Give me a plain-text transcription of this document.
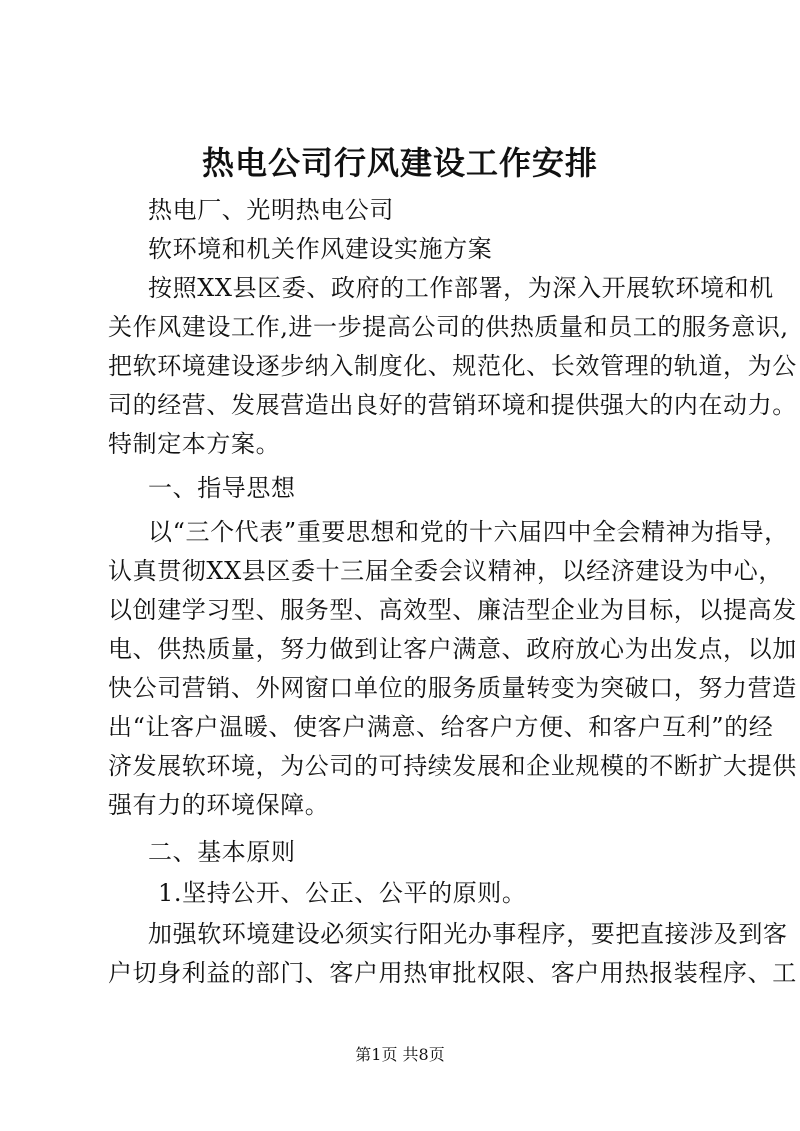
热电公司行风建设工作安排
热电厂、光明热电公司
软环境和机关作风建设实施方案
按照XX县区委、政府的工作部署，为深入开展软环境和机
关作风建设工作,进一步提高公司的供热质量和员工的服务意识,
把软环境建设逐步纳入制度化、规范化、长效管理的轨道，为公
司的经营、发展营造出良好的营销环境和提供强大的内在动力。
特制定本方案。
一、指导思想
以“三个代表”重要思想和党的十六届四中全会精神为指导，
认真贯彻XX县区委十三届全委会议精神，以经济建设为中心，
以创建学习型、服务型、高效型、廉洁型企业为目标，以提高发
电、供热质量，努力做到让客户满意、政府放心为出发点，以加
快公司营销、外网窗口单位的服务质量转变为突破口，努力营造
出“让客户温暖、使客户满意、给客户方便、和客户互利”的经
济发展软环境，为公司的可持续发展和企业规模的不断扩大提供
强有力的环境保障。
二、基本原则
1.坚持公开、公正、公平的原则。
加强软环境建设必须实行阳光办事程序，要把直接涉及到客
户切身利益的部门、客户用热审批权限、客户用热报装程序、工
第1页 共8页
